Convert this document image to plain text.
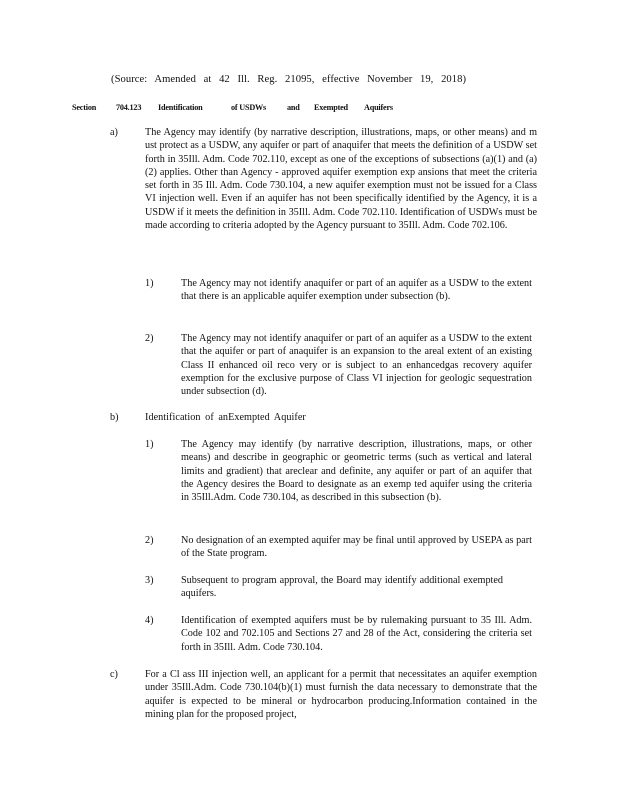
(Source: Amended at 42 Ill. Reg. 21095, effective November 19, 2018)
Section 704.123 Identification	of USDWs	and Exempted Aquifers
a)	The Agency may identify (by narrative description, illustrations, maps, or other means) and m ust protect as a USDW, any aquifer or part of anaquifer that meets the definition of a USDW set forth in 35Ill. Adm. Code 702.110, except as one of the exceptions of subsections (a)(1) and (a)(2) applies. Other than Agency - approved aquifer exemption exp ansions that meet the criteria set forth in 35 Ill. Adm. Code 730.104, a new aquifer exemption must not be issued for a Class VI injection well. Even if an aquifer has not been specifically identified by the Agency, it is a USDW if it meets the definition in 35Ill. Adm. Code 702.110. Identification of USDWs must be made according to criteria adopted by the Agency pursuant to 35Ill. Adm. Code 702.106.
1)	The Agency may not identify anaquifer or part of an aquifer as a USDW to the extent that there is an applicable aquifer exemption under subsection (b).
2)	The Agency may not identify anaquifer or part of an aquifer as a USDW to the extent that the aquifer or part of anaquifer is an expansion to the areal extent of an existing Class II enhanced oil reco very or is subject to an enhancedgas recovery aquifer exemption for the exclusive purpose of Class VI injection for geologic sequestration under subsection (d).
b)	Identification of anExempted Aquifer
1)	The Agency may identify (by narrative description, illustrations, maps, or other means) and describe in geographic or geometric terms (such as vertical and lateral limits and gradient) that areclear and definite, any aquifer or part of an aquifer that the Agency desires the Board to designate as an exemp ted aquifer using the criteria in 35Ill.Adm. Code 730.104, as described in this subsection (b).
2)	No designation of an exempted aquifer may be final until approved by USEPA as part of the State program.
3)	Subsequent to program approval, the Board may identify additional exempted aquifers.
4)	Identification of exempted aquifers must be by rulemaking pursuant to 35 Ill. Adm. Code 102 and 702.105 and Sections 27 and 28 of the Act, considering the criteria set forth in 35Ill. Adm. Code 730.104.
c)	For a Cl ass III injection well, an applicant for a permit that necessitates an aquifer exemption under 35Ill.Adm. Code 730.104(b)(1) must furnish the data necessary to demonstrate that the aquifer is expected to be mineral or hydrocarbon producing.Information contained in the mining plan for the proposed project,
